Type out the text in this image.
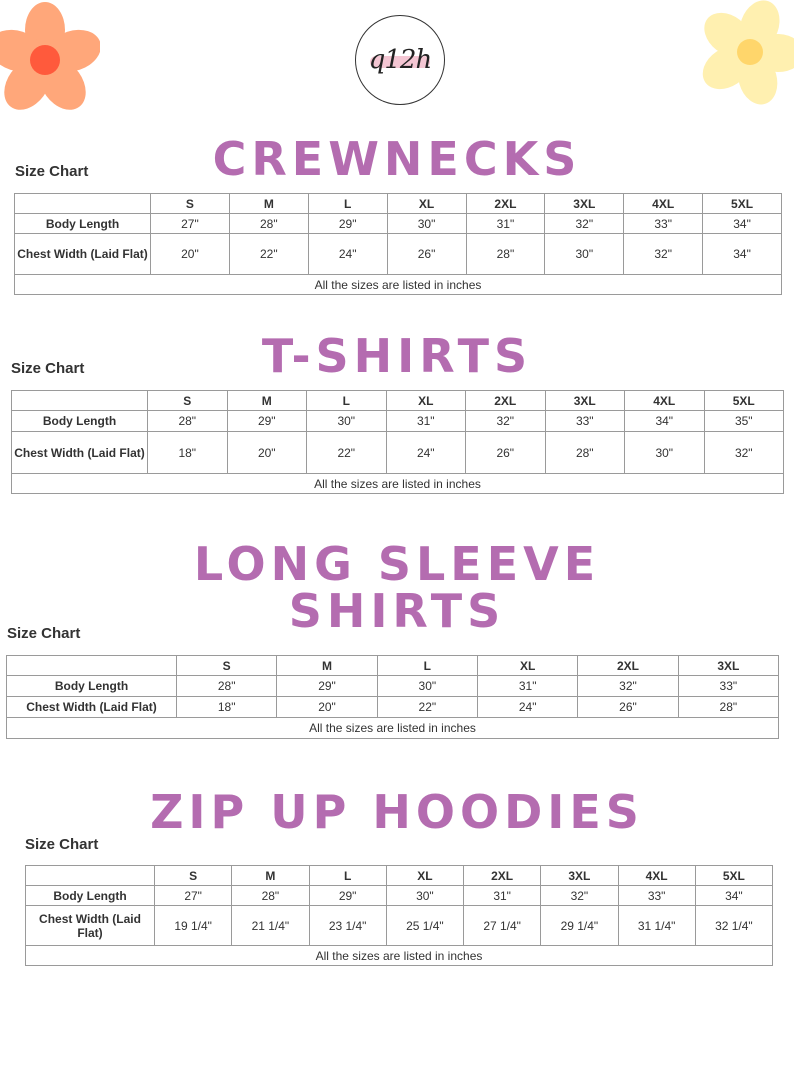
q12h
CREWNECKS
Size Chart
	S	M	L	XL	2XL	3XL	4XL	5XL
Body Length	27"	28"	29"	30"	31"	32"	33"	34"
Chest Width (Laid Flat)	20"	22"	24"	26"	28"	30"	32"	34"
All the sizes are listed in inches								
T-SHIRTS
Size Chart
	S	M	L	XL	2XL	3XL	4XL	5XL
Body Length	28"	29"	30"	31"	32"	33"	34"	35"
Chest Width (Laid Flat)	18"	20"	22"	24"	26"	28"	30"	32"
All the sizes are listed in inches								
LONG SLEEVE
SHIRTS
Size Chart
	S	M	L	XL	2XL	3XL
Body Length	28"	29"	30"	31"	32"	33"
Chest Width (Laid Flat)	18"	20"	22"	24"	26"	28"
All the sizes are listed in inches						
ZIP UP HOODIES
Size Chart
	S	M	L	XL	2XL	3XL	4XL	5XL
Body Length	27"	28"	29"	30"	31"	32"	33"	34"
Chest Width (Laid Flat)	19 1/4"	21 1/4"	23 1/4"	25 1/4"	27 1/4"	29 1/4"	31 1/4"	32 1/4"
All the sizes are listed in inches								
